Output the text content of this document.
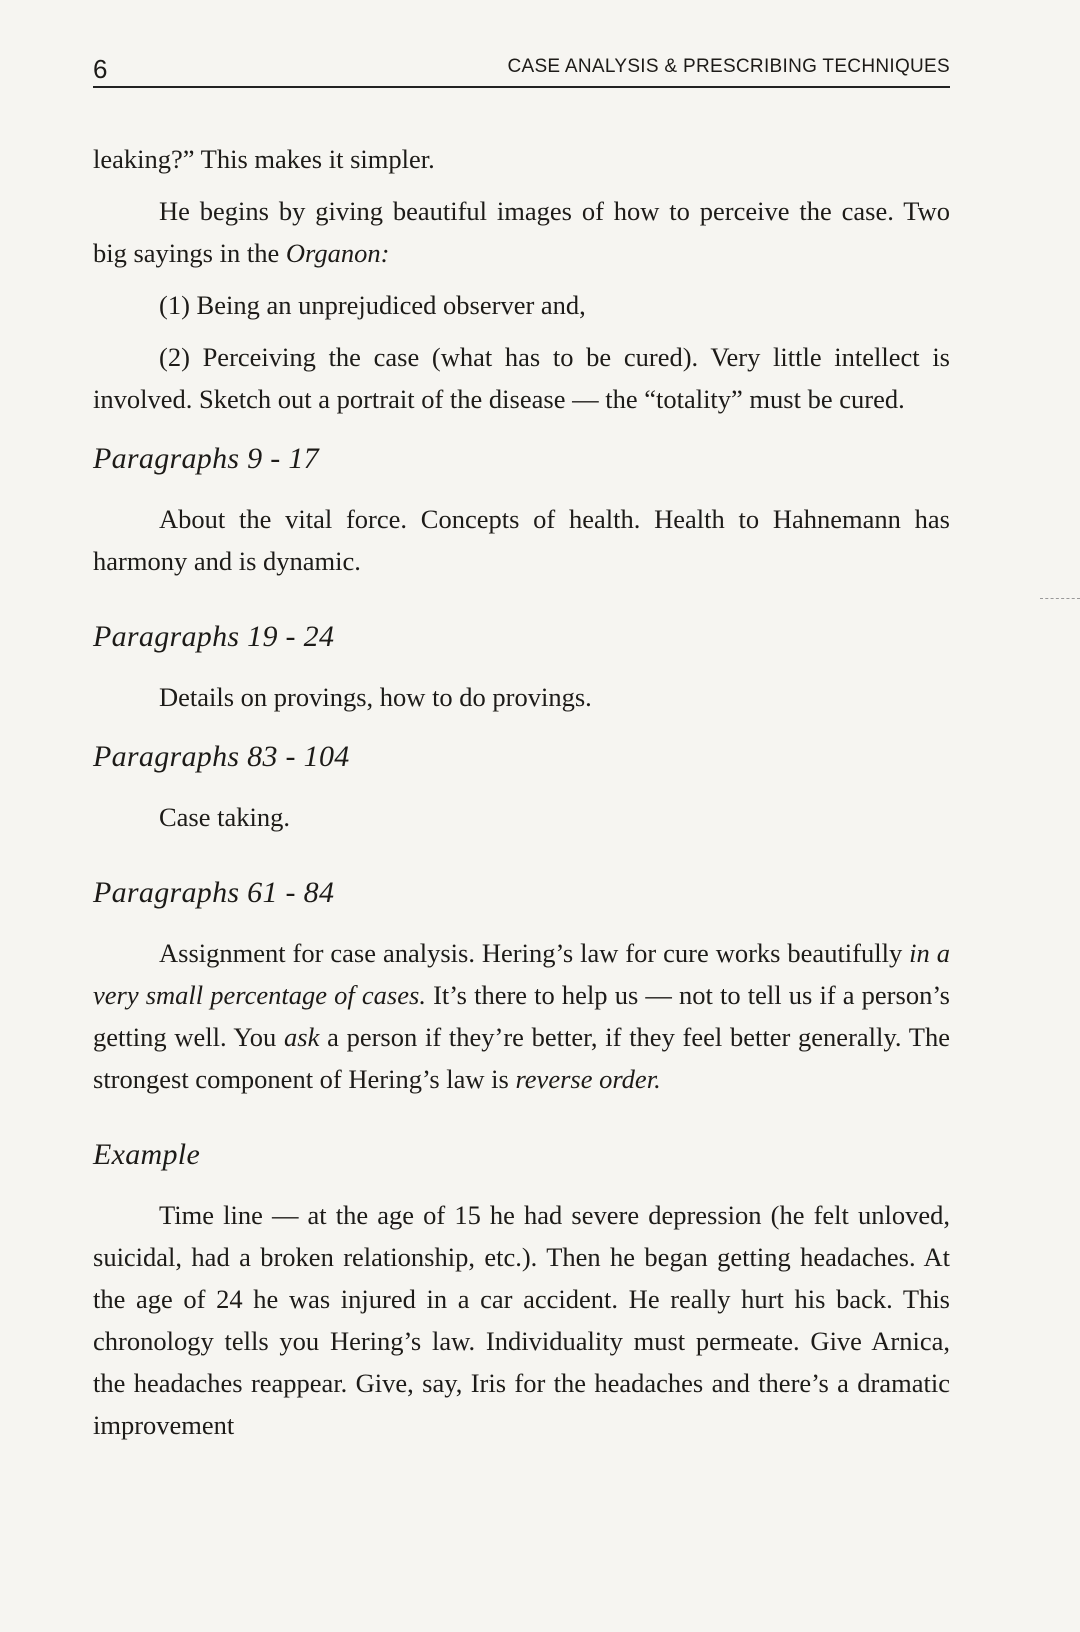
6	CASE ANALYSIS & PRESCRIBING TECHNIQUES

leaking?” This makes it simpler.

He begins by giving beautiful images of how to perceive the case. Two big sayings in the Organon:

(1) Being an unprejudiced observer and,

(2) Perceiving the case (what has to be cured). Very little intellect is involved. Sketch out a portrait of the disease — the “totality” must be cured.

Paragraphs 9 - 17

About the vital force. Concepts of health. Health to Hahnemann has harmony and is dynamic.

Paragraphs 19 - 24

Details on provings, how to do provings.

Paragraphs 83 - 104

Case taking.

Paragraphs 61 - 84

Assignment for case analysis. Hering’s law for cure works beautifully in a very small percentage of cases. It’s there to help us — not to tell us if a person’s getting well. You ask a person if they’re better, if they feel better generally. The strongest component of Hering’s law is reverse order.

Example

Time line — at the age of 15 he had severe depression (he felt unloved, suicidal, had a broken relationship, etc.). Then he began getting headaches. At the age of 24 he was injured in a car accident. He really hurt his back. This chronology tells you Hering’s law. Individuality must permeate. Give Arnica, the headaches reappear. Give, say, Iris for the headaches and there’s a dramatic improvement
